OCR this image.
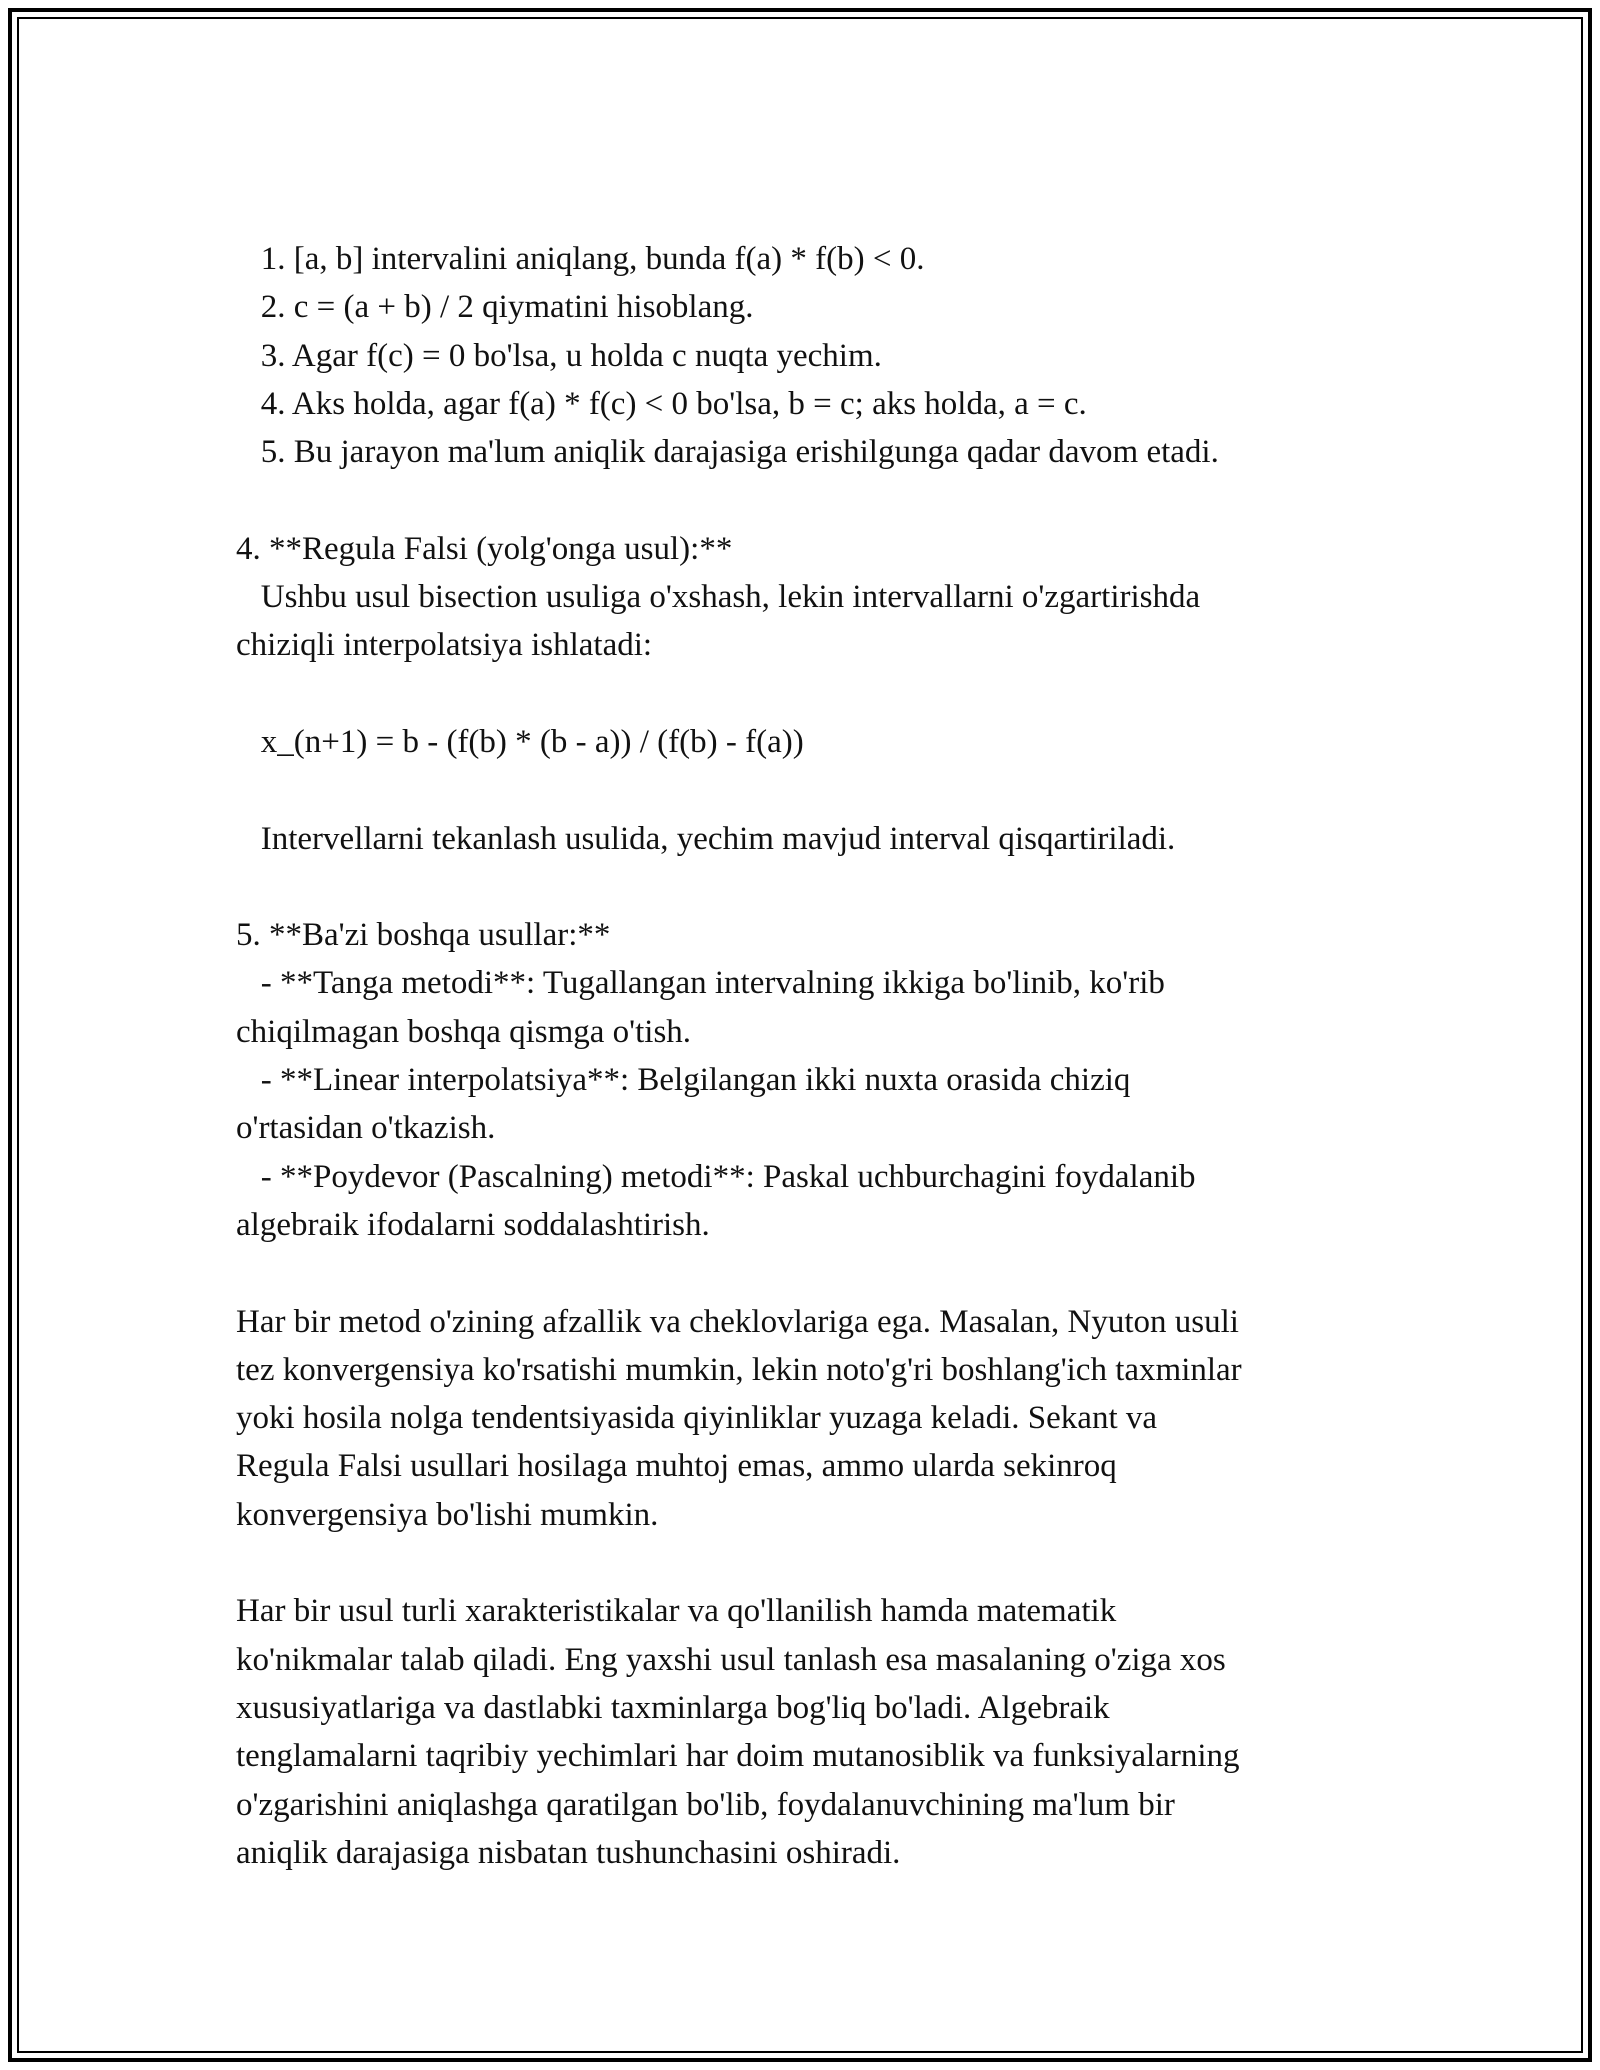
1. [a, b] intervalini aniqlang, bunda f(a) * f(b) < 0.
2. c = (a + b) / 2 qiymatini hisoblang.
3. Agar f(c) = 0 bo'lsa, u holda c nuqta yechim.
4. Aks holda, agar f(a) * f(c) < 0 bo'lsa, b = c; aks holda, a = c.
5. Bu jarayon ma'lum aniqlik darajasiga erishilgunga qadar davom etadi.
4. **Regula Falsi (yolg'onga usul):**
Ushbu usul bisection usuliga o'xshash, lekin intervallarni o'zgartirishda
chiziqli interpolatsiya ishlatadi:
x_(n+1) = b - (f(b) * (b - a)) / (f(b) - f(a))
Intervellarni tekanlash usulida, yechim mavjud interval qisqartiriladi.
5. **Ba'zi boshqa usullar:**
- **Tanga metodi**: Tugallangan intervalning ikkiga bo'linib, ko'rib
chiqilmagan boshqa qismga o'tish.
- **Linear interpolatsiya**: Belgilangan ikki nuxta orasida chiziq
o'rtasidan o'tkazish.
- **Poydevor (Pascalning) metodi**: Paskal uchburchagini foydalanib
algebraik ifodalarni soddalashtirish.
Har bir metod o'zining afzallik va cheklovlariga ega. Masalan, Nyuton usuli
tez konvergensiya ko'rsatishi mumkin, lekin noto'g'ri boshlang'ich taxminlar
yoki hosila nolga tendentsiyasida qiyinliklar yuzaga keladi. Sekant va
Regula Falsi usullari hosilaga muhtoj emas, ammo ularda sekinroq
konvergensiya bo'lishi mumkin.
Har bir usul turli xarakteristikalar va qo'llanilish hamda matematik
ko'nikmalar talab qiladi. Eng yaxshi usul tanlash esa masalaning o'ziga xos
xususiyatlariga va dastlabki taxminlarga bog'liq bo'ladi. Algebraik
tenglamalarni taqribiy yechimlari har doim mutanosiblik va funksiyalarning
o'zgarishini aniqlashga qaratilgan bo'lib, foydalanuvchining ma'lum bir
aniqlik darajasiga nisbatan tushunchasini oshiradi.
